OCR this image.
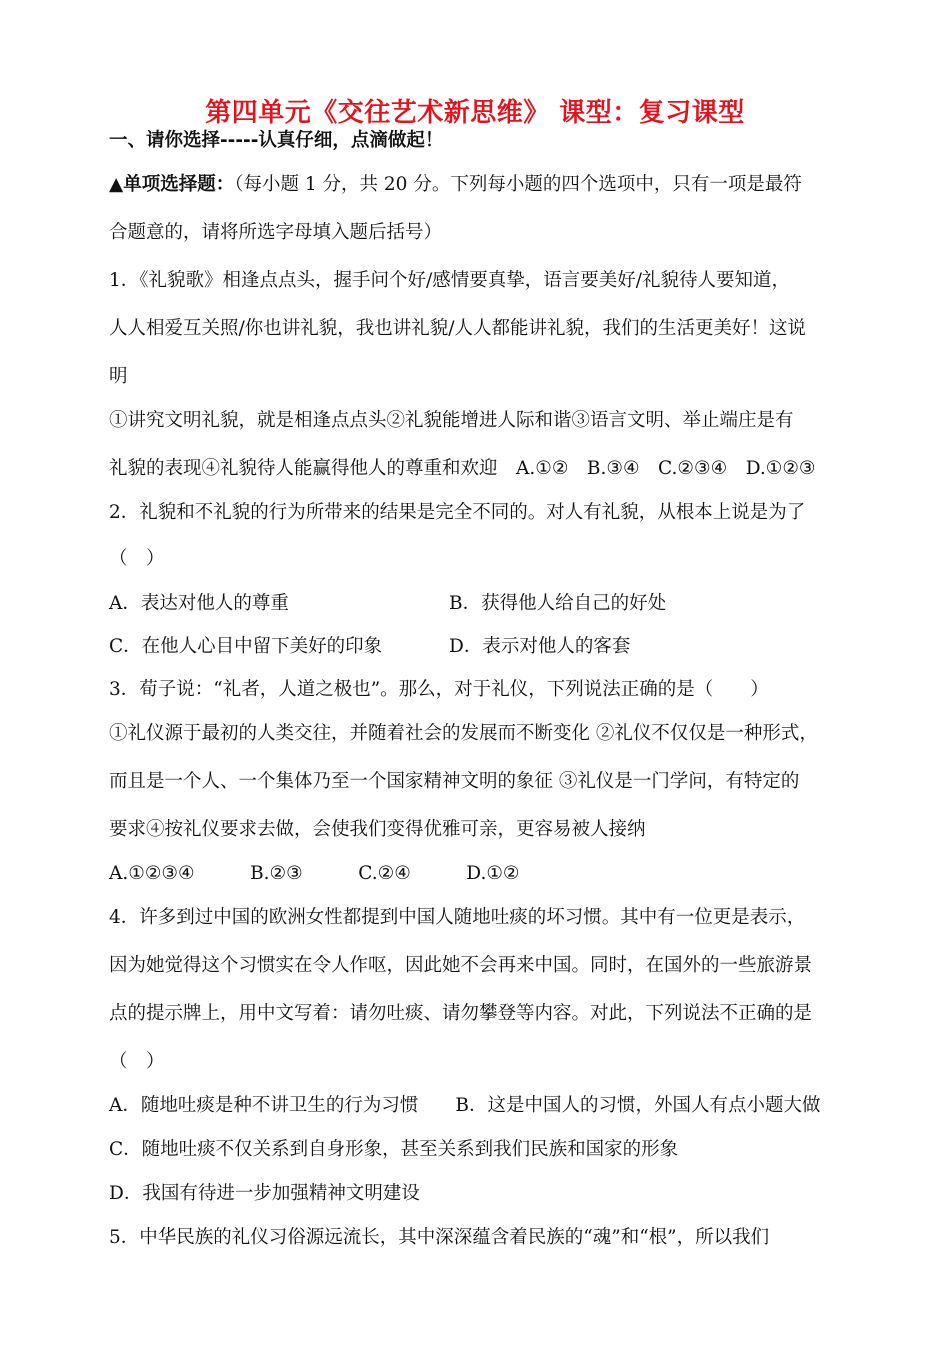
第四单元《交往艺术新思维》 课型：复习课型
一、请你选择-----认真仔细，点滴做起！
▲单项选择题：（每小题 1 分，共 20 分。下列每小题的四个选项中，只有一项是最符
合题意的，请将所选字母填入题后括号）
1．《礼貌歌》相逢点点头，握手问个好/感情要真挚，语言要美好/礼貌待人要知道，
人人相爱互关照/你也讲礼貌，我也讲礼貌/人人都能讲礼貌，我们的生活更美好！这说
明
①讲究文明礼貌，就是相逢点点头②礼貌能增进人际和谐③语言文明、举止端庄是有
礼貌的表现④礼貌待人能赢得他人的尊重和欢迎　A.①②　B.③④　C.②③④　D.①②③
2．礼貌和不礼貌的行为所带来的结果是完全不同的。对人有礼貌，从根本上说是为了
（　）
A．表达对他人的尊重	B．获得他人给自己的好处
C．在他人心目中留下美好的印象	D．表示对他人的客套
3．荀子说：“礼者，人道之极也”。那么，对于礼仪，下列说法正确的是（　　）
①礼仪源于最初的人类交往，并随着社会的发展而不断变化 ②礼仪不仅仅是一种形式，
而且是一个人、一个集体乃至一个国家精神文明的象征 ③礼仪是一门学问，有特定的
要求④按礼仪要求去做，会使我们变得优雅可亲，更容易被人接纳
A.①②③④　　　B.②③　　　C.②④　　　D.①②
4．许多到过中国的欧洲女性都提到中国人随地吐痰的坏习惯。其中有一位更是表示，
因为她觉得这个习惯实在令人作呕，因此她不会再来中国。同时，在国外的一些旅游景
点的提示牌上，用中文写着：请勿吐痰、请勿攀登等内容。对此，下列说法不正确的是
（　）
A．随地吐痰是种不讲卫生的行为习惯　　B．这是中国人的习惯，外国人有点小题大做
C．随地吐痰不仅关系到自身形象，甚至关系到我们民族和国家的形象
D．我国有待进一步加强精神文明建设
5．中华民族的礼仪习俗源远流长，其中深深蕴含着民族的“魂”和“根”，所以我们
